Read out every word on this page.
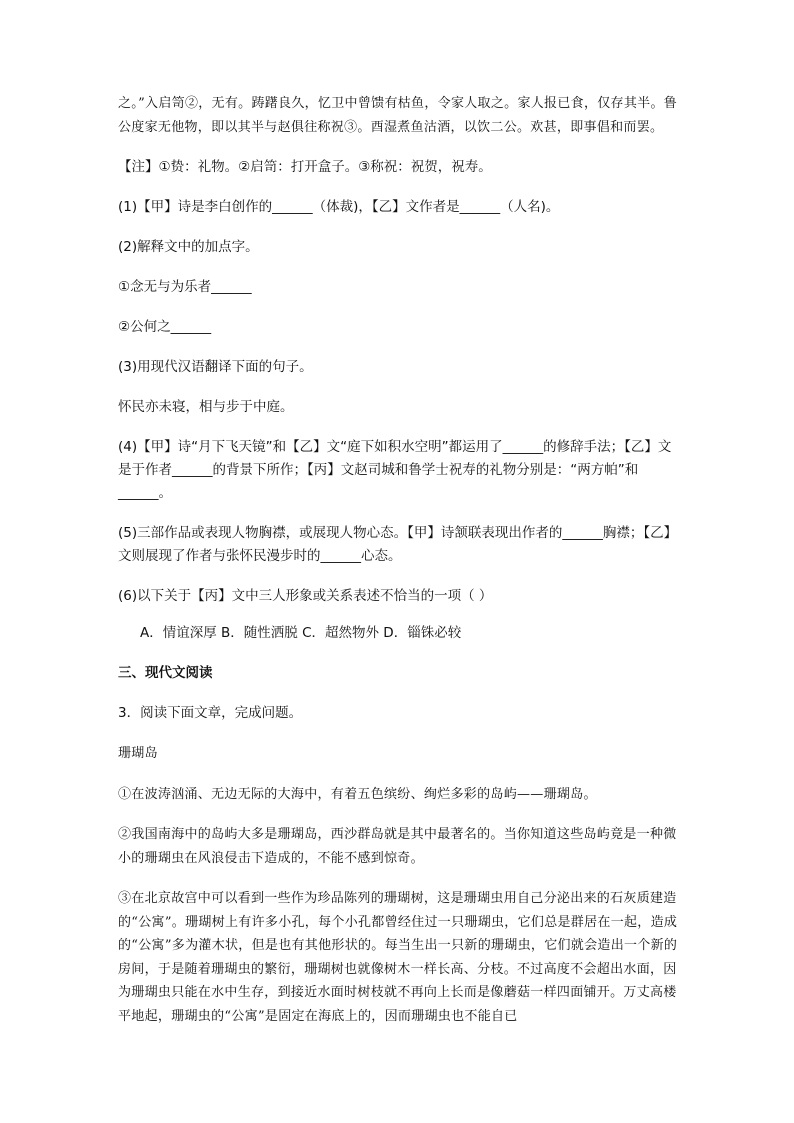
之。”入启笥②，无有。踌躇良久，忆卫中曾馈有枯鱼，令家人取之。家人报已食，仅存其半。鲁公度家无他物，即以其半与赵俱往称祝③。酉湿煮鱼沽酒，以饮二公。欢甚，即事倡和而罢。

【注】①贽：礼物。②启笥：打开盒子。③称祝：祝贺，祝寿。

(1)【甲】诗是李白创作的______（体裁)，【乙】文作者是______（人名)。

(2)解释文中的加点字。

①念无与为乐者______

②公何之______

(3)用现代汉语翻译下面的句子。

怀民亦未寝，相与步于中庭。

(4)【甲】诗“月下飞天镜”和【乙】文“庭下如积水空明”都运用了______的修辞手法；【乙】文是于作者______的背景下所作；【丙】文赵司城和鲁学士祝寿的礼物分别是：“两方帕”和______。

(5)三部作品或表现人物胸襟，或展现人物心态。【甲】诗颔联表现出作者的______胸襟；【乙】文则展现了作者与张怀民漫步时的______心态。

(6)以下关于【丙】文中三人形象或关系表述不恰当的一项（ ）

A．情谊深厚 B．随性洒脱 C．超然物外 D．锱铢必较

三、现代文阅读

3．阅读下面文章，完成问题。

珊瑚岛

①在波涛汹涌、无边无际的大海中，有着五色缤纷、绚烂多彩的岛屿——珊瑚岛。

②我国南海中的岛屿大多是珊瑚岛，西沙群岛就是其中最著名的。当你知道这些岛屿竟是一种微小的珊瑚虫在风浪侵击下造成的，不能不感到惊奇。

③在北京故宫中可以看到一些作为珍品陈列的珊瑚树，这是珊瑚虫用自己分泌出来的石灰质建造的“公寓”。珊瑚树上有许多小孔，每个小孔都曾经住过一只珊瑚虫，它们总是群居在一起，造成的“公寓”多为灌木状，但是也有其他形状的。每当生出一只新的珊瑚虫，它们就会造出一个新的房间，于是随着珊瑚虫的繁衍，珊瑚树也就像树木一样长高、分枝。不过高度不会超出水面，因为珊瑚虫只能在水中生存，到接近水面时树枝就不再向上长而是像蘑菇一样四面铺开。万丈高楼平地起，珊瑚虫的“公寓”是固定在海底上的，因而珊瑚虫也不能自已
